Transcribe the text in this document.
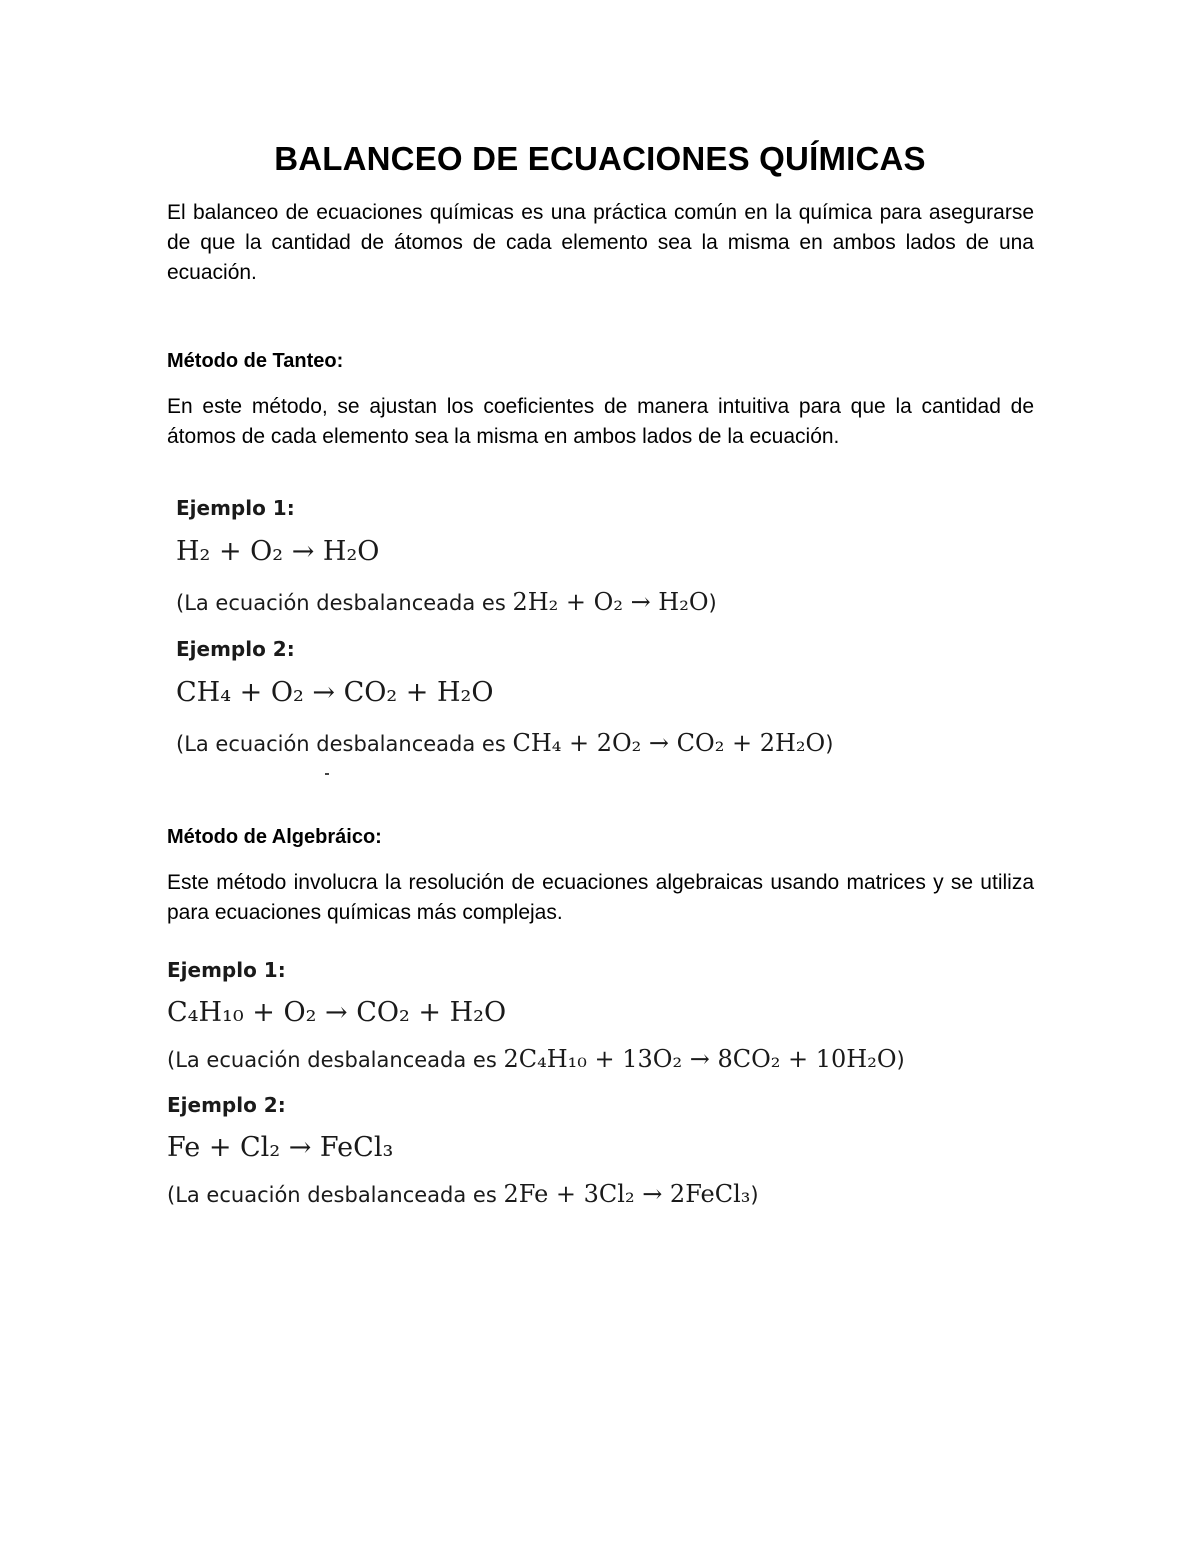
BALANCEO DE ECUACIONES QUÍMICAS

El balanceo de ecuaciones químicas es una práctica común en la química para asegurarse de que la cantidad de átomos de cada elemento sea la misma en ambos lados de una ecuación.

Método de Tanteo:

En este método, se ajustan los coeficientes de manera intuitiva para que la cantidad de átomos de cada elemento sea la misma en ambos lados de la ecuación.

Ejemplo 1:

H₂ + O₂ → H₂O

(La ecuación desbalanceada es 2H₂ + O₂ → H₂O)

Ejemplo 2:

CH₄ + O₂ → CO₂ + H₂O

(La ecuación desbalanceada es CH₄ + 2O₂ → CO₂ + 2H₂O)

Método de Algebráico:

Este método involucra la resolución de ecuaciones algebraicas usando matrices y se utiliza para ecuaciones químicas más complejas.

Ejemplo 1:

C₄H₁₀ + O₂ → CO₂ + H₂O

(La ecuación desbalanceada es 2C₄H₁₀ + 13O₂ → 8CO₂ + 10H₂O)

Ejemplo 2:

Fe + Cl₂ → FeCl₃

(La ecuación desbalanceada es 2Fe + 3Cl₂ → 2FeCl₃)
